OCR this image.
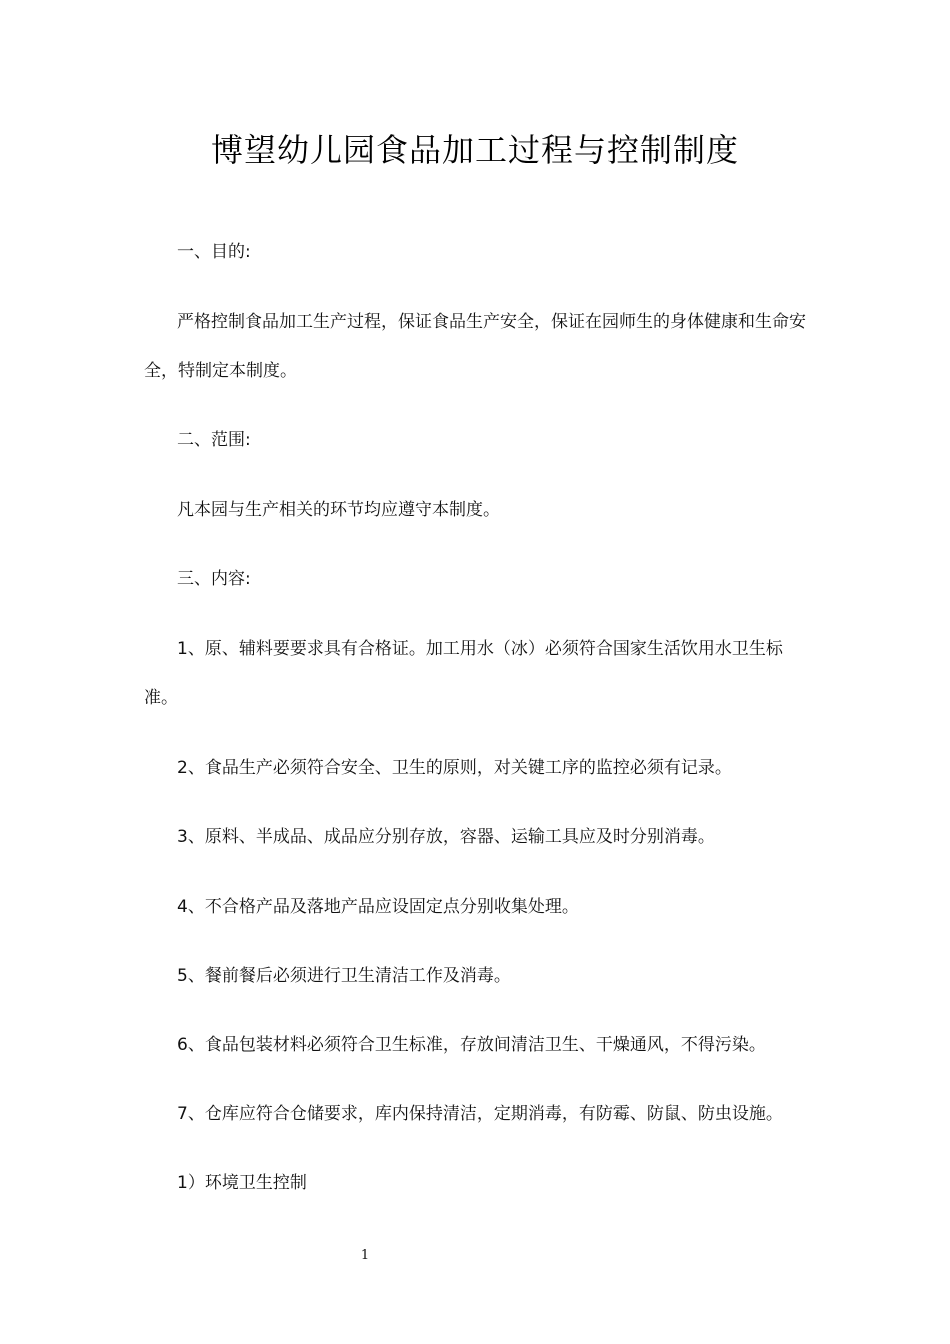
博望幼儿园食品加工过程与控制制度

一、目的:

严格控制食品加工生产过程，保证食品生产安全，保证在园师生的身体健康和生命安

全，特制定本制度。

二、范围:

凡本园与生产相关的环节均应遵守本制度。

三、内容:

1、原、辅料要要求具有合格证。加工用水（冰）必须符合国家生活饮用水卫生标

准。

2、食品生产必须符合安全、卫生的原则，对关键工序的监控必须有记录。

3、原料、半成品、成品应分别存放，容器、运输工具应及时分别消毒。

4、不合格产品及落地产品应设固定点分别收集处理。

5、餐前餐后必须进行卫生清洁工作及消毒。

6、食品包装材料必须符合卫生标准，存放间清洁卫生、干燥通风，不得污染。

7、仓库应符合仓储要求，库内保持清洁，定期消毒，有防霉、防鼠、防虫设施。

1）环境卫生控制

1
